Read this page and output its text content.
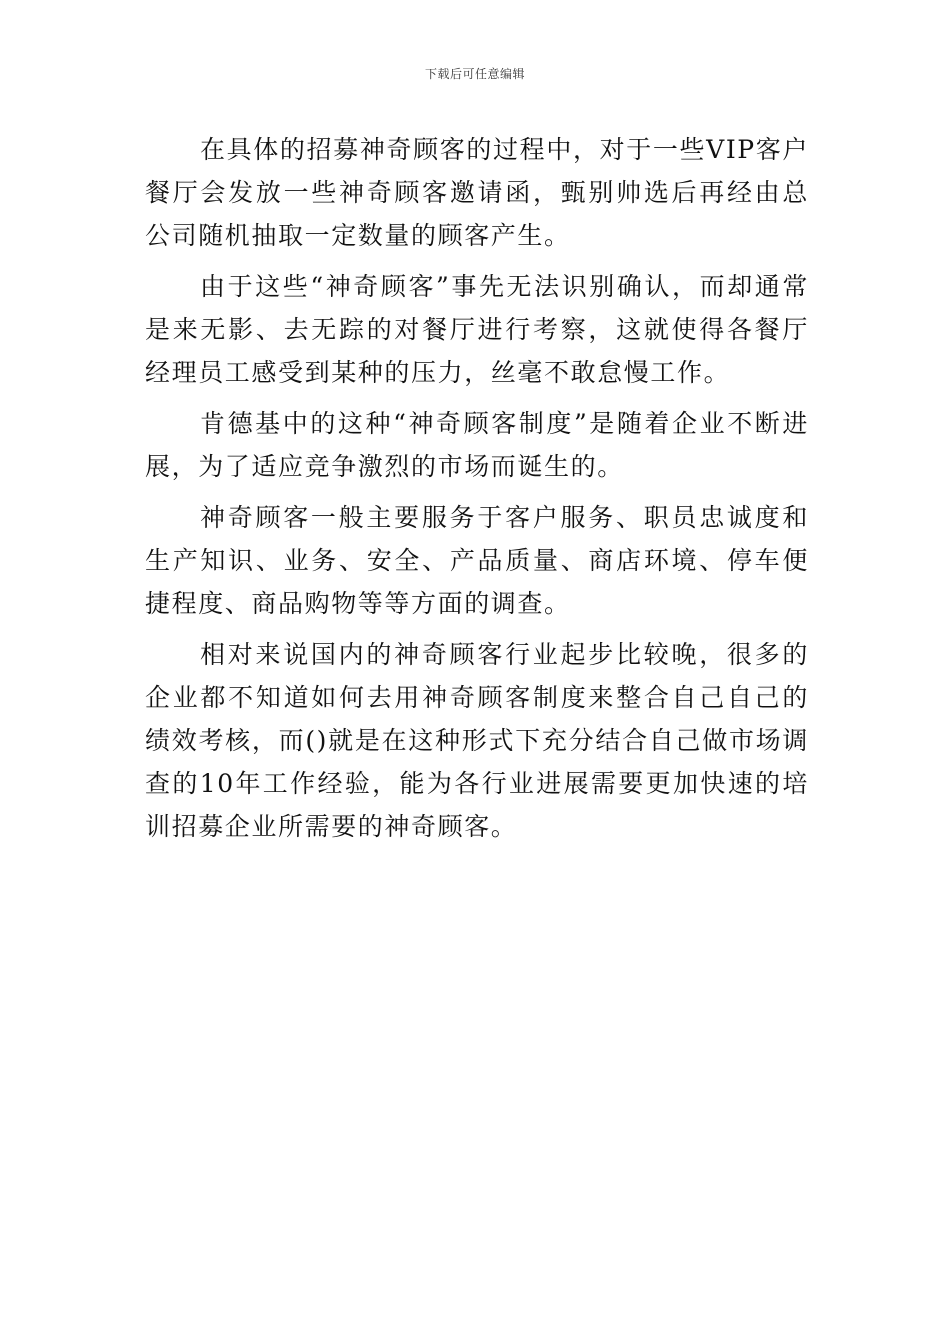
下载后可任意编辑

在具体的招募神奇顾客的过程中，对于一些VIP客户餐厅会发放一些神奇顾客邀请函，甄别帅选后再经由总公司随机抽取一定数量的顾客产生。

由于这些“神奇顾客”事先无法识别确认，而却通常是来无影、去无踪的对餐厅进行考察，这就使得各餐厅经理员工感受到某种的压力，丝毫不敢怠慢工作。

肯德基中的这种“神奇顾客制度”是随着企业不断进展，为了适应竞争激烈的市场而诞生的。

神奇顾客一般主要服务于客户服务、职员忠诚度和生产知识、业务、安全、产品质量、商店环境、停车便捷程度、商品购物等等方面的调查。

相对来说国内的神奇顾客行业起步比较晚，很多的企业都不知道如何去用神奇顾客制度来整合自己自己的绩效考核，而()就是在这种形式下充分结合自己做市场调查的10年工作经验，能为各行业进展需要更加快速的培训招募企业所需要的神奇顾客。
